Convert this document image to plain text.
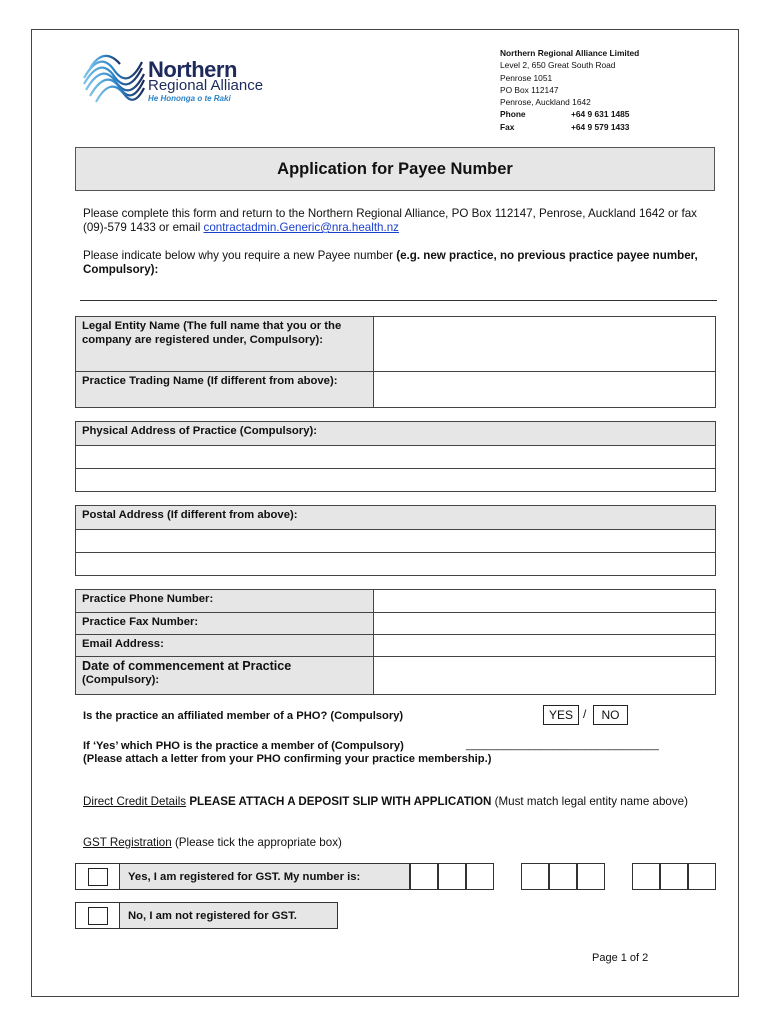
Northern
Regional Alliance
He Hononga o te Raki
Northern Regional Alliance Limited
Level 2, 650 Great South Road
Penrose 1051
PO Box 112147
Penrose, Auckland 1642
Phone	+64 9 631 1485
Fax	+64 9 579 1433
Application for Payee Number
Please complete this form and return to the Northern Regional Alliance, PO Box 112147, Penrose, Auckland 1642 or fax (09)-579 1433 or email contractadmin.Generic@nra.health.nz
Please indicate below why you require a new Payee number (e.g. new practice, no previous practice payee number, Compulsory):
Legal Entity Name (The full name that you or the company are registered under, Compulsory):	
Practice Trading Name (If different from above):	
Physical Address of Practice (Compulsory):

Postal Address (If different from above):

Practice Phone Number:	
Practice Fax Number:	
Email Address:	

Date of commencement at Practice
(Compulsory):	

Is the practice an affiliated member of a PHO? (Compulsory)	YES /	NO
If ‘Yes’ which PHO is the practice a member of (Compulsory)	_______________________________
(Please attach a letter from your PHO confirming your practice membership.)
Direct Credit Details PLEASE ATTACH A DEPOSIT SLIP WITH APPLICATION (Must match legal entity name above)
GST Registration (Please tick the appropriate box)
Yes, I am registered for GST. My number is:
No, I am not registered for GST.
Page 1 of 2
